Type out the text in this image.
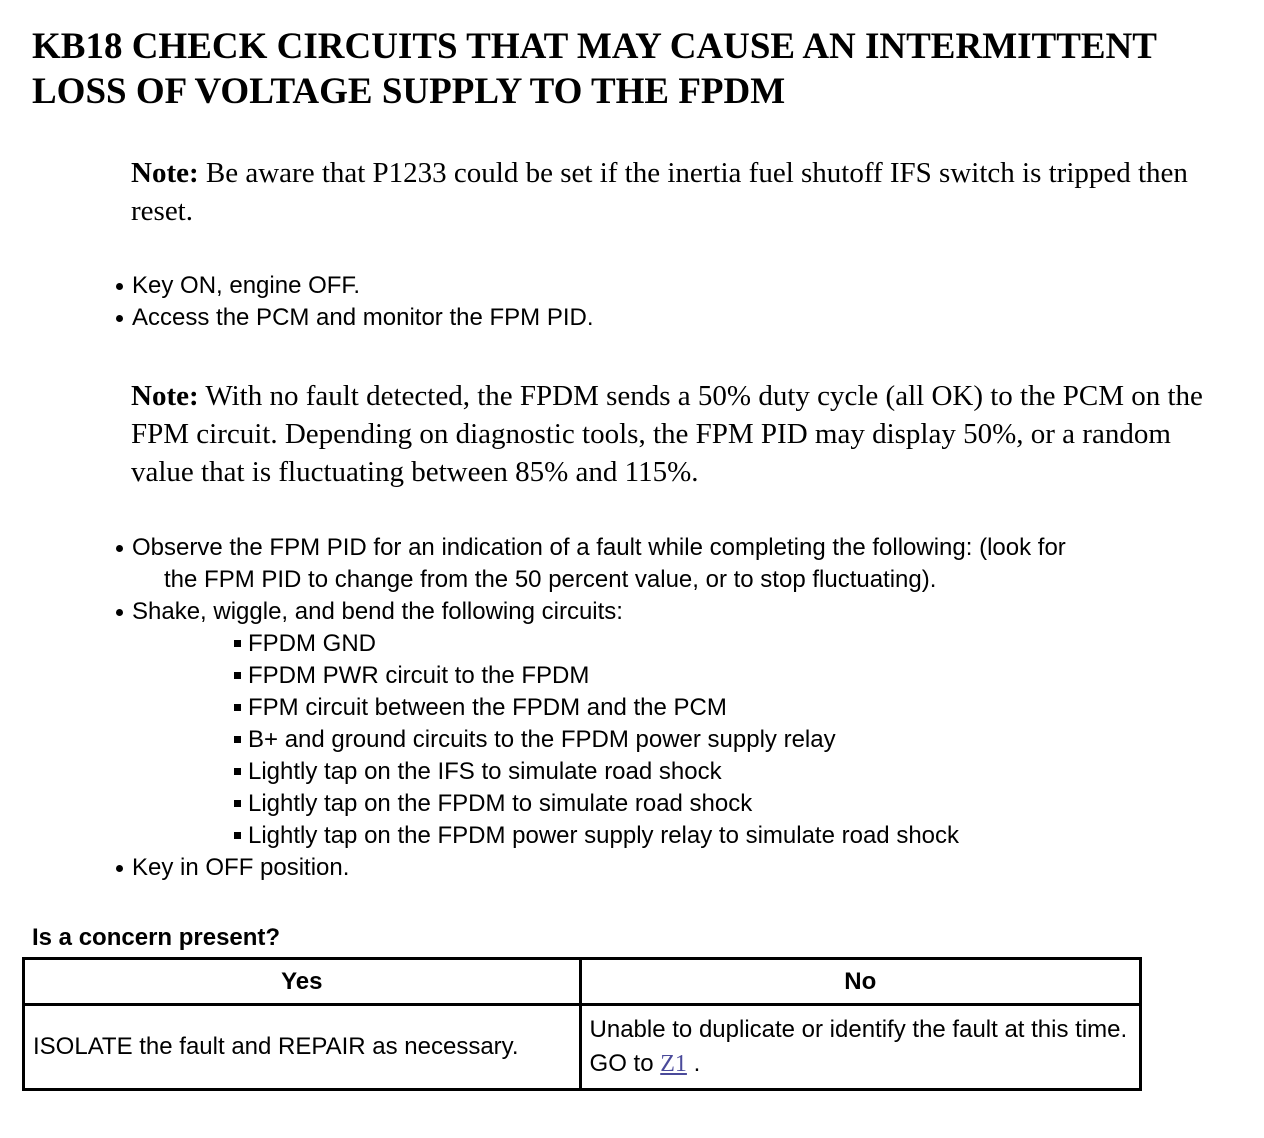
KB18 CHECK CIRCUITS THAT MAY CAUSE AN INTERMITTENT LOSS OF VOLTAGE SUPPLY TO THE FPDM
Note: Be aware that P1233 could be set if the inertia fuel shutoff IFS switch is tripped then reset.
Key ON, engine OFF.
Access the PCM and monitor the FPM PID.
Note: With no fault detected, the FPDM sends a 50% duty cycle (all OK) to the PCM on the FPM circuit. Depending on diagnostic tools, the FPM PID may display 50%, or a random value that is fluctuating between 85% and 115%.
Observe the FPM PID for an indication of a fault while completing the following: (look for
the FPM PID to change from the 50 percent value, or to stop fluctuating).
Shake, wiggle, and bend the following circuits:
FPDM GND
FPDM PWR circuit to the FPDM
FPM circuit between the FPDM and the PCM
B+ and ground circuits to the FPDM power supply relay
Lightly tap on the IFS to simulate road shock
Lightly tap on the FPDM to simulate road shock
Lightly tap on the FPDM power supply relay to simulate road shock
Key in OFF position.
Is a concern present?
Yes	No
ISOLATE the fault and REPAIR as necessary.	Unable to duplicate or identify the fault at this time. GO to Z1 .
